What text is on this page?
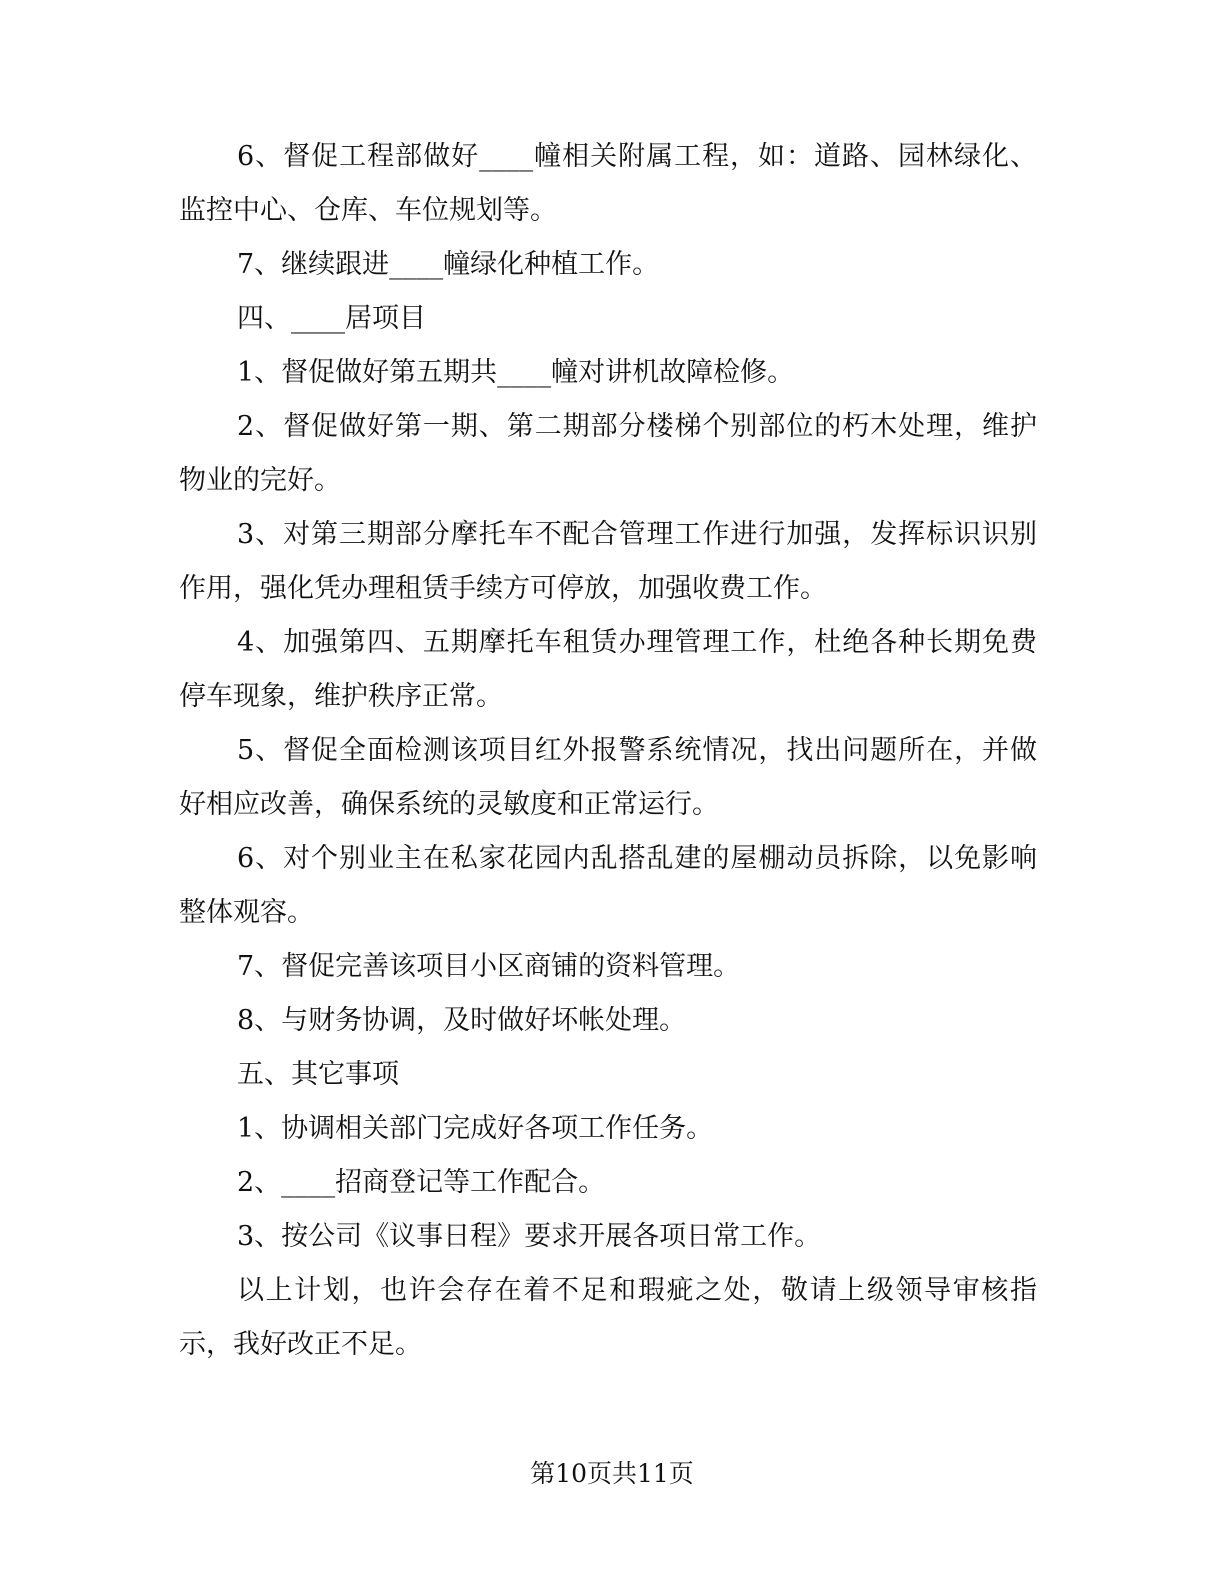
6、督促工程部做好____幢相关附属工程，如：道路、园林绿化、监控中心、仓库、车位规划等。

7、继续跟进____幢绿化种植工作。

四、____居项目

1、督促做好第五期共____幢对讲机故障检修。

2、督促做好第一期、第二期部分楼梯个别部位的朽木处理，维护物业的完好。

3、对第三期部分摩托车不配合管理工作进行加强，发挥标识识别作用，强化凭办理租赁手续方可停放，加强收费工作。

4、加强第四、五期摩托车租赁办理管理工作，杜绝各种长期免费停车现象，维护秩序正常。

5、督促全面检测该项目红外报警系统情况，找出问题所在，并做好相应改善，确保系统的灵敏度和正常运行。

6、对个别业主在私家花园内乱搭乱建的屋棚动员拆除，以免影响整体观容。

7、督促完善该项目小区商铺的资料管理。

8、与财务协调，及时做好坏帐处理。

五、其它事项

1、协调相关部门完成好各项工作任务。

2、____招商登记等工作配合。

3、按公司《议事日程》要求开展各项日常工作。

以上计划，也许会存在着不足和瑕疵之处，敬请上级领导审核指示，我好改正不足。

第10页共11页
